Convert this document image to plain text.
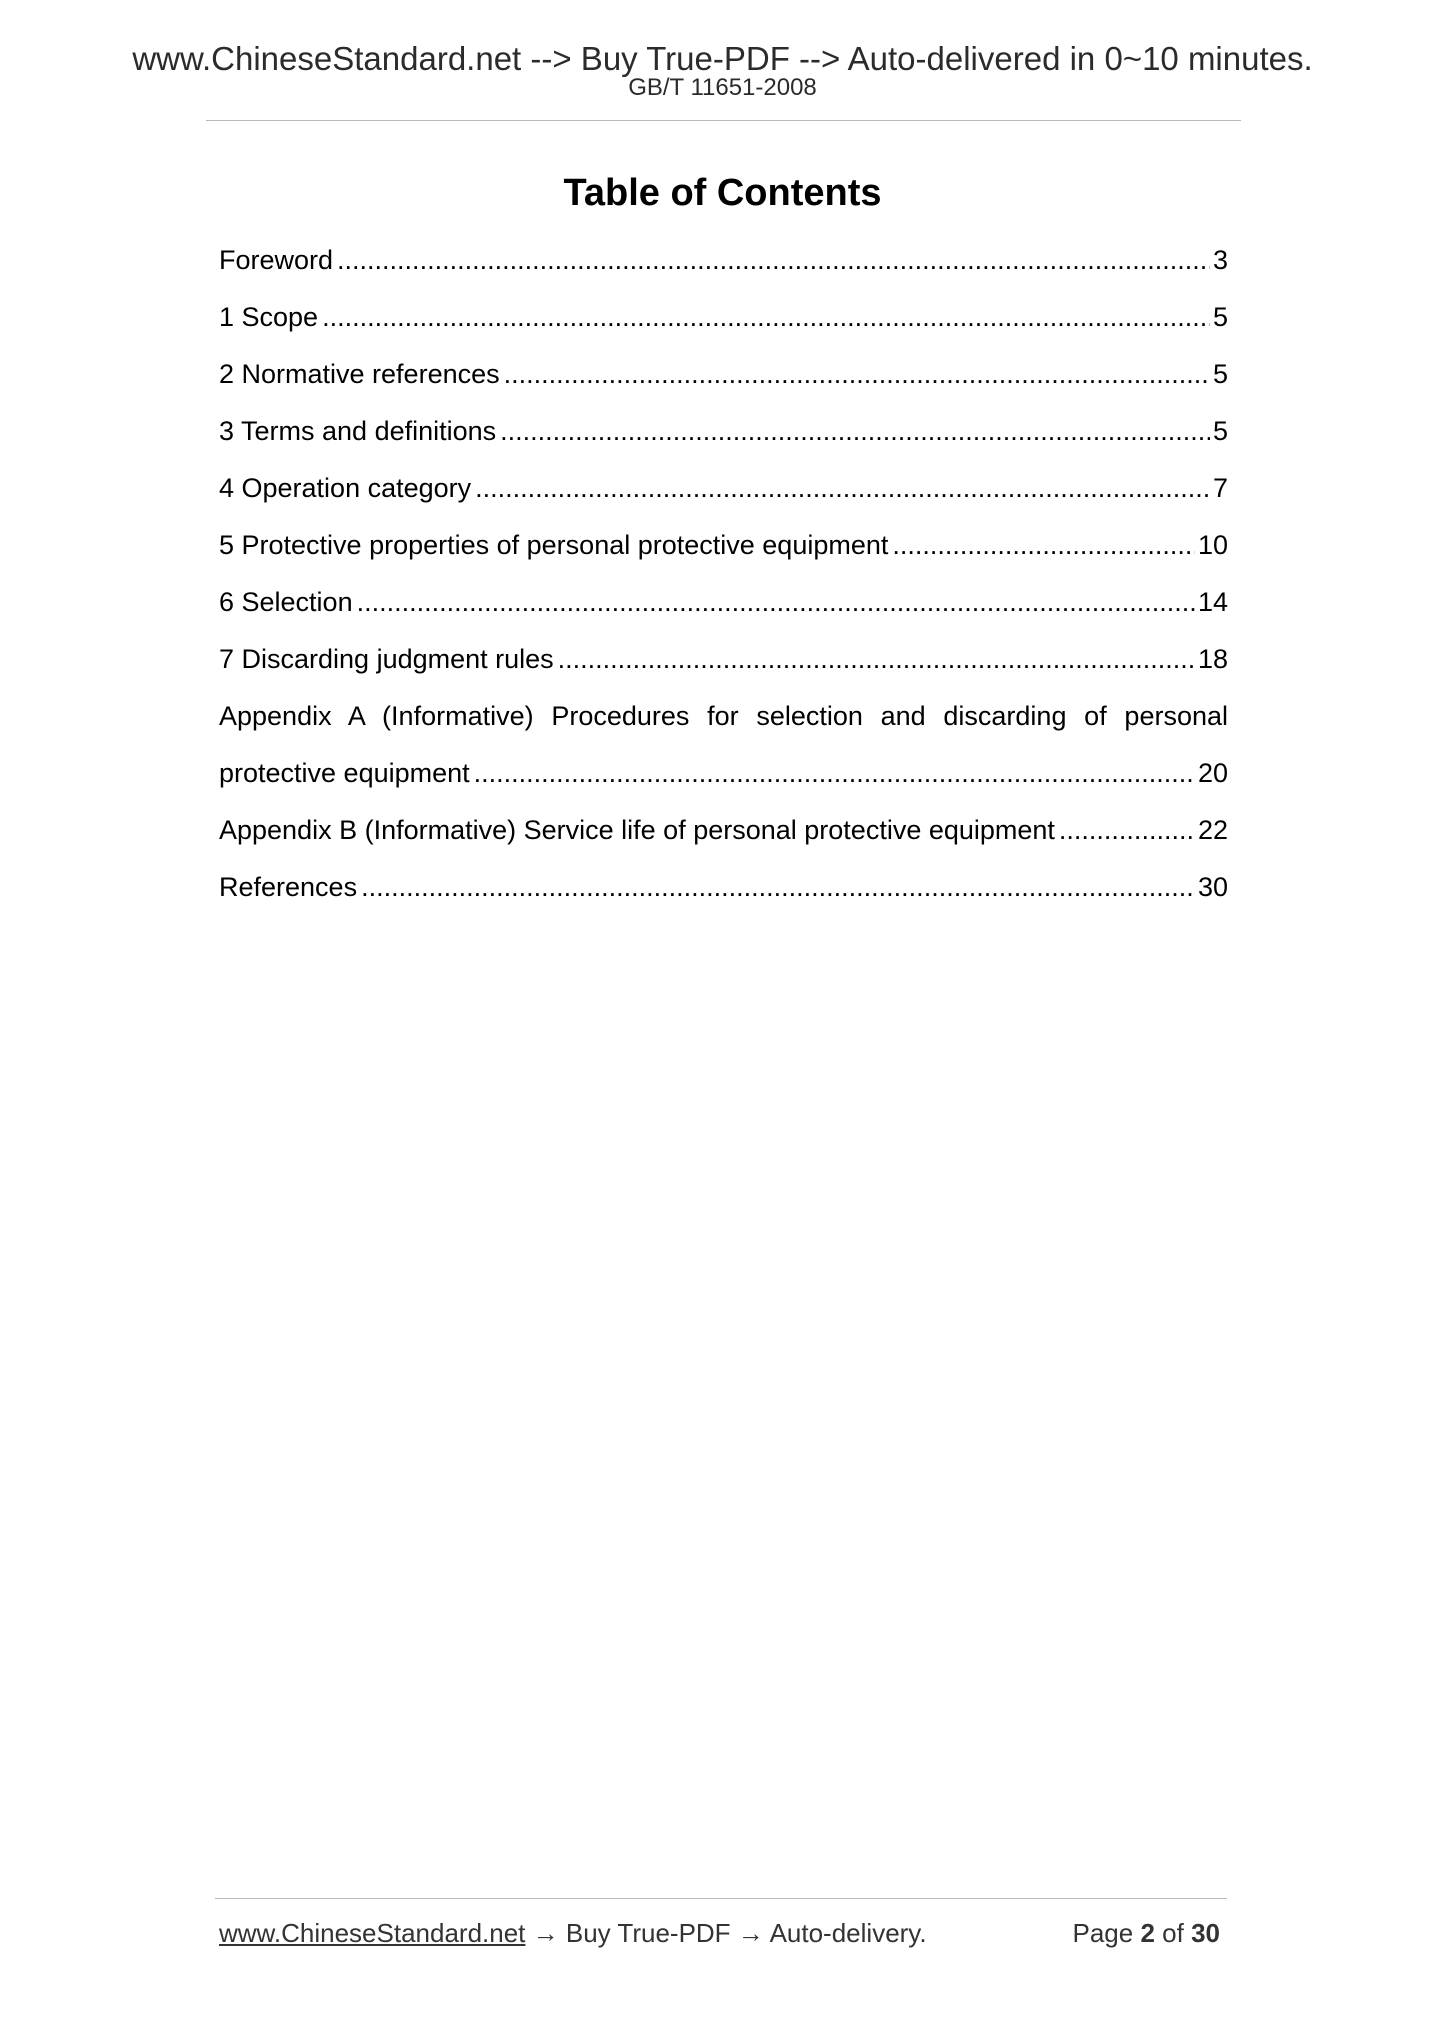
www.ChineseStandard.net --> Buy True-PDF --> Auto-delivered in 0~10 minutes.
GB/T 11651-2008
Table of Contents
Foreword .....	3
1 Scope .....	5
2 Normative references .....	5
3 Terms and definitions .....	5
4 Operation category .....	7
5 Protective properties of personal protective equipment .....	10
6 Selection .....	14
7 Discarding judgment rules .....	18
Appendix A (Informative) Procedures for selection and discarding of personal
protective equipment .....	20
Appendix B (Informative) Service life of personal protective equipment .....	22
References .....	30
www.ChineseStandard.net → Buy True-PDF → Auto-delivery.	Page 2 of 30
